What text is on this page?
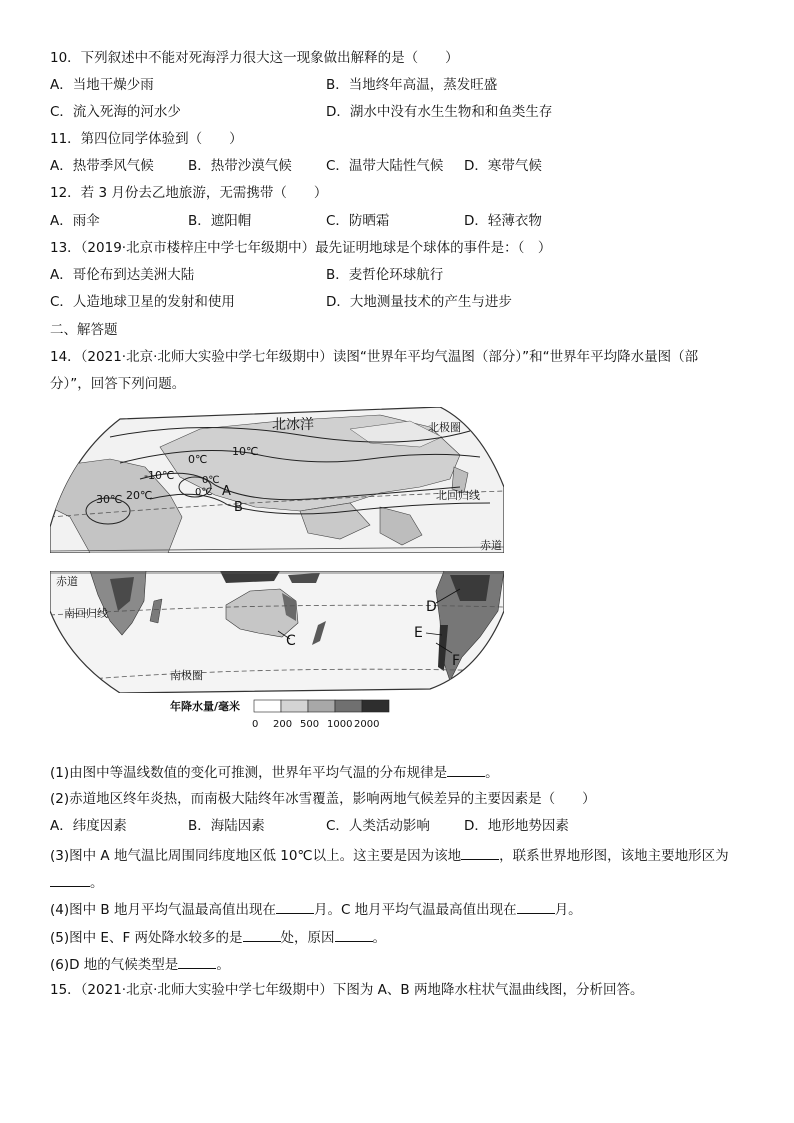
10．下列叙述中不能对死海浮力很大这一现象做出解释的是（　　）
A．当地干燥少雨	B．当地终年高温，蒸发旺盛
C．流入死海的河水少	D．湖水中没有水生生物和和鱼类生存
11．第四位同学体验到（　　）
A．热带季风气候	B．热带沙漠气候	C．温带大陆性气候 D．寒带气候
12．若 3 月份去乙地旅游，无需携带（　　）
A．雨伞	B．遮阳帽	C．防晒霜	D．轻薄衣物
13．（2019·北京市楼梓庄中学七年级期中）最先证明地球是个球体的事件是：（　）
A．哥伦布到达美洲大陆	B．麦哲伦环球航行
C．人造地球卫星的发射和使用	D．大地测量技术的产生与进步
二、解答题
14．（2021·北京·北师大实验中学七年级期中）读图“世界年平均气温图（部分）”和“世界年平均降水量图（部
分）”，回答下列问题。
北冰洋	北极圈
北回归线
赤道
0℃
10℃
-10℃	0℃
0℃
30℃ 20℃	A
B
赤道
南回归线
南极圈
C
D
E
F
年降水量/毫米
0 200 500 1000 2000
(1)由图中等温线数值的变化可推测，世界年平均气温的分布规律是	。
(2)赤道地区终年炎热，而南极大陆终年冰雪覆盖，影响两地气候差异的主要因素是（　　）
A．纬度因素	B．海陆因素	C．人类活动影响	D．地形地势因素
(3)图中 A 地气温比周围同纬度地区低 10℃以上。这主要是因为该地	，联系世界地形图，该地主要地形区为
。
(4)图中 B 地月平均气温最高值出现在	月。C 地月平均气温最高值出现在	月。
(5)图中 E、F 两处降水较多的是	处，原因	。
(6)D 地的气候类型是	。
15．（2021·北京·北师大实验中学七年级期中）下图为 A、B 两地降水柱状气温曲线图，分析回答。
